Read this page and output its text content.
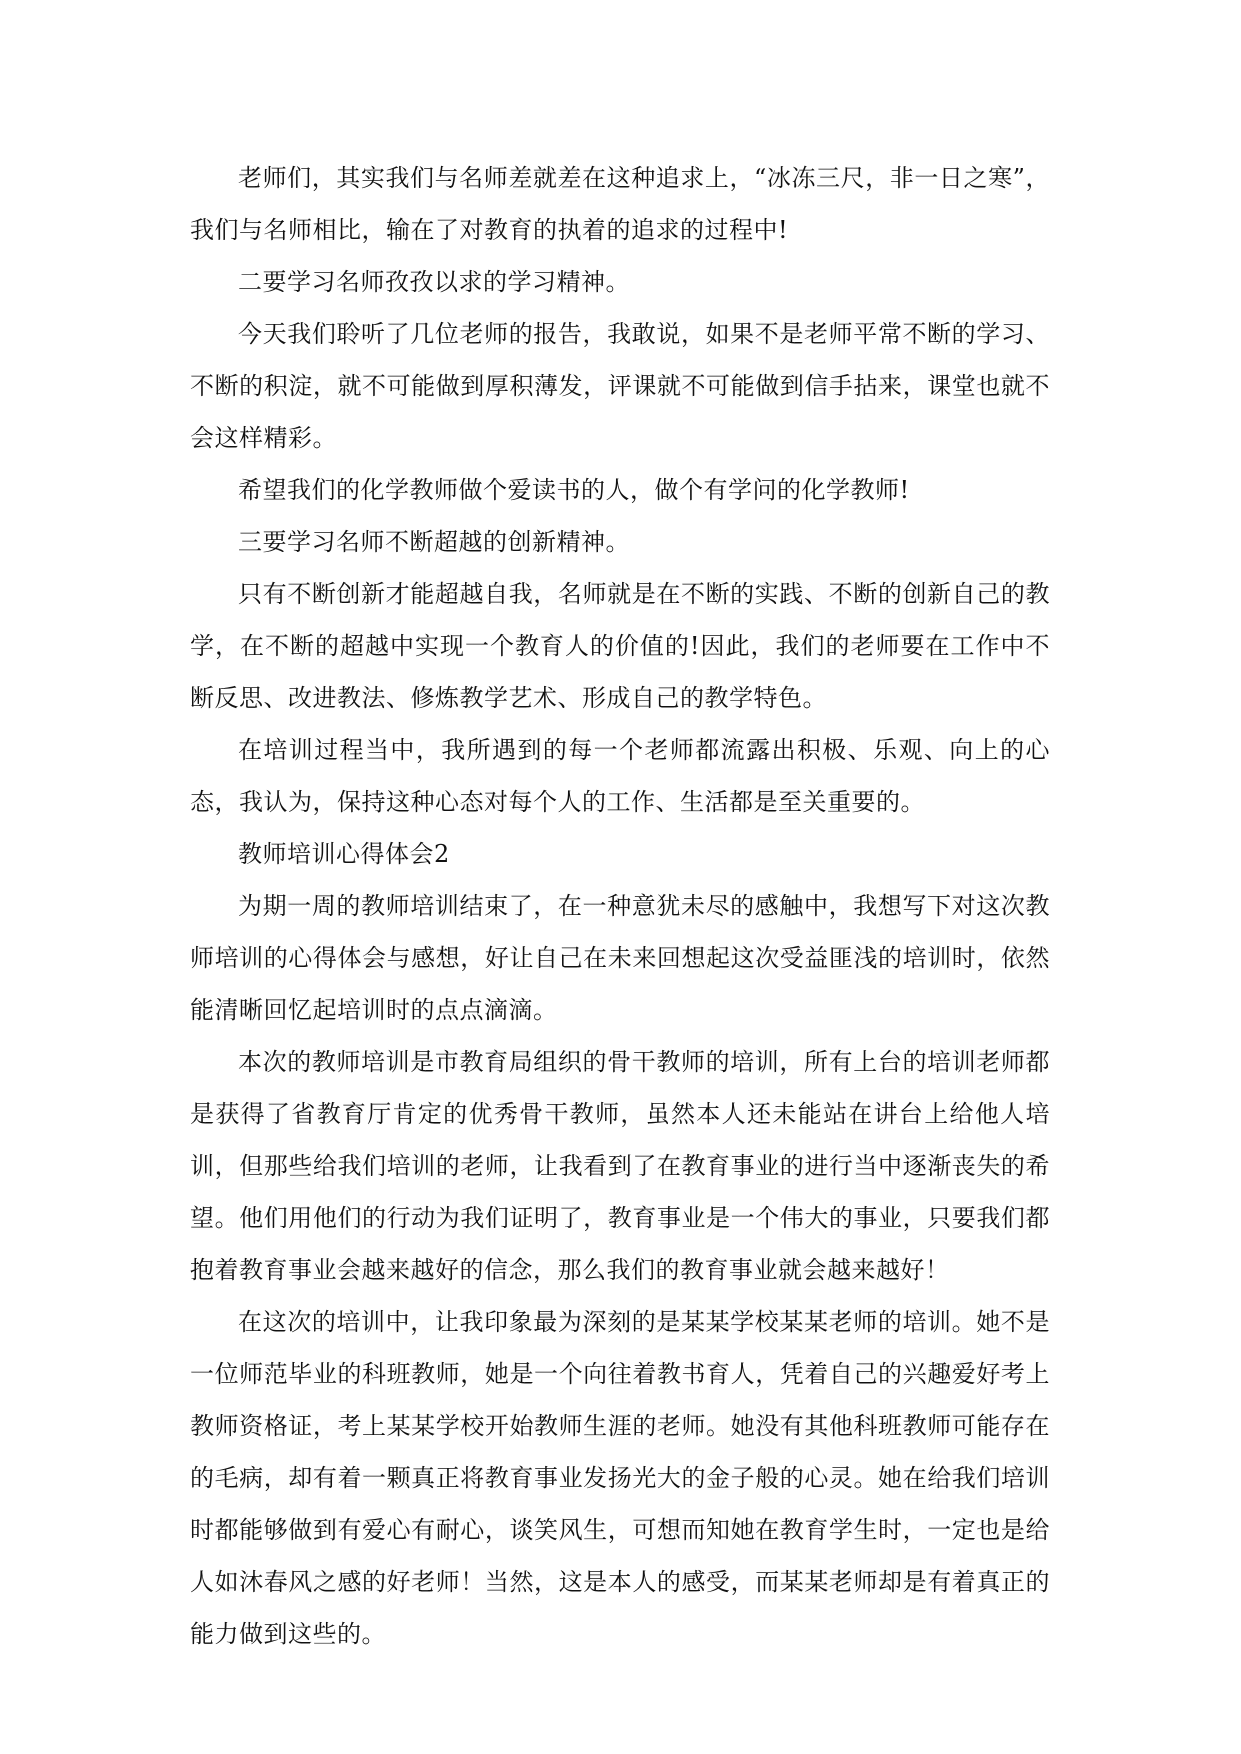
老师们，其实我们与名师差就差在这种追求上，“冰冻三尺，非一日之寒”，我们与名师相比，输在了对教育的执着的追求的过程中!

二要学习名师孜孜以求的学习精神。

今天我们聆听了几位老师的报告，我敢说，如果不是老师平常不断的学习、不断的积淀，就不可能做到厚积薄发，评课就不可能做到信手拈来，课堂也就不会这样精彩。

希望我们的化学教师做个爱读书的人，做个有学问的化学教师!

三要学习名师不断超越的创新精神。

只有不断创新才能超越自我，名师就是在不断的实践、不断的创新自己的教学，在不断的超越中实现一个教育人的价值的!因此，我们的老师要在工作中不断反思、改进教法、修炼教学艺术、形成自己的教学特色。

在培训过程当中，我所遇到的每一个老师都流露出积极、乐观、向上的心态，我认为，保持这种心态对每个人的工作、生活都是至关重要的。

教师培训心得体会2

为期一周的教师培训结束了，在一种意犹未尽的感触中，我想写下对这次教师培训的心得体会与感想，好让自己在未来回想起这次受益匪浅的培训时，依然能清晰回忆起培训时的点点滴滴。

本次的教师培训是市教育局组织的骨干教师的培训，所有上台的培训老师都是获得了省教育厅肯定的优秀骨干教师，虽然本人还未能站在讲台上给他人培训，但那些给我们培训的老师，让我看到了在教育事业的进行当中逐渐丧失的希望。他们用他们的行动为我们证明了，教育事业是一个伟大的事业，只要我们都抱着教育事业会越来越好的信念，那么我们的教育事业就会越来越好！

在这次的培训中，让我印象最为深刻的是某某学校某某老师的培训。她不是一位师范毕业的科班教师，她是一个向往着教书育人，凭着自己的兴趣爱好考上教师资格证，考上某某学校开始教师生涯的老师。她没有其他科班教师可能存在的毛病，却有着一颗真正将教育事业发扬光大的金子般的心灵。她在给我们培训时都能够做到有爱心有耐心，谈笑风生，可想而知她在教育学生时，一定也是给人如沐春风之感的好老师！当然，这是本人的感受，而某某老师却是有着真正的能力做到这些的。
